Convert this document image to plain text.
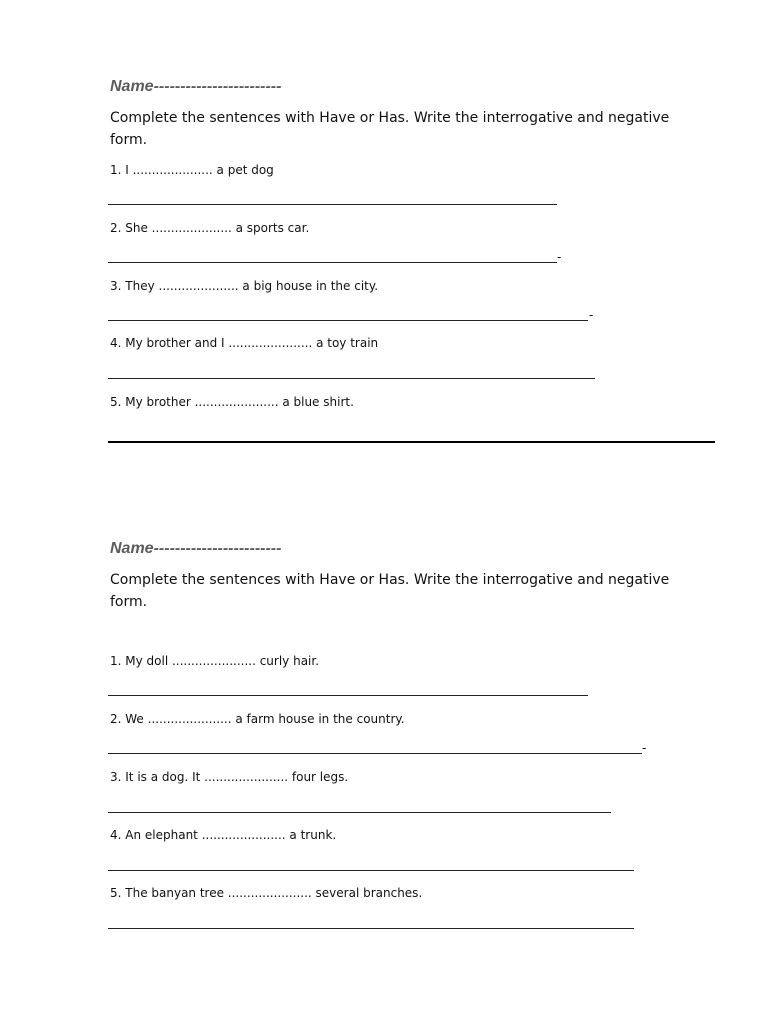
Name------------------------
Complete the sentences with Have or Has. Write the interrogative and negative form.
1. I ..................... a pet dog
2. She ..................... a sports car.
-
3. They ..................... a big house in the city.
-
4. My brother and I ...................... a toy train
5. My brother ...................... a blue shirt.
Name------------------------
Complete the sentences with Have or Has. Write the interrogative and negative form.
1. My doll ...................... curly hair.
2. We ...................... a farm house in the country.
-
3. It is a dog. It ...................... four legs.
4. An elephant ...................... a trunk.
5. The banyan tree ...................... several branches.
